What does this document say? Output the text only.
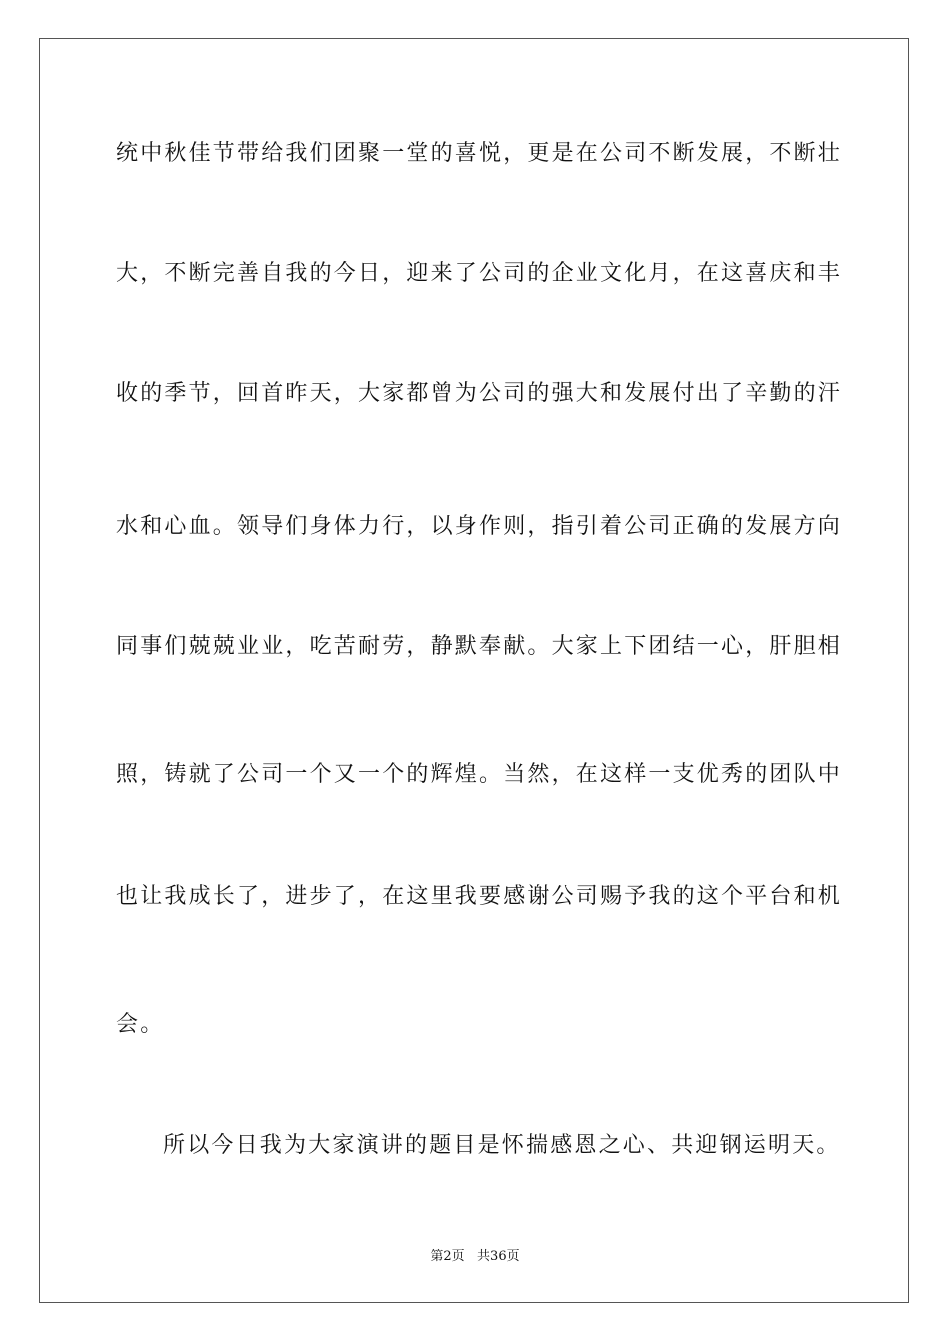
统中秋佳节带给我们团聚一堂的喜悦，更是在公司不断发展，不断壮

大，不断完善自我的今日，迎来了公司的企业文化月，在这喜庆和丰

收的季节，回首昨天，大家都曾为公司的强大和发展付出了辛勤的汗

水和心血。领导们身体力行，以身作则，指引着公司正确的发展方向

同事们兢兢业业，吃苦耐劳，静默奉献。大家上下团结一心，肝胆相

照，铸就了公司一个又一个的辉煌。当然，在这样一支优秀的团队中

也让我成长了，进步了，在这里我要感谢公司赐予我的这个平台和机

会。

所以今日我为大家演讲的题目是怀揣感恩之心、共迎钢运明天。

第2页   共36页
